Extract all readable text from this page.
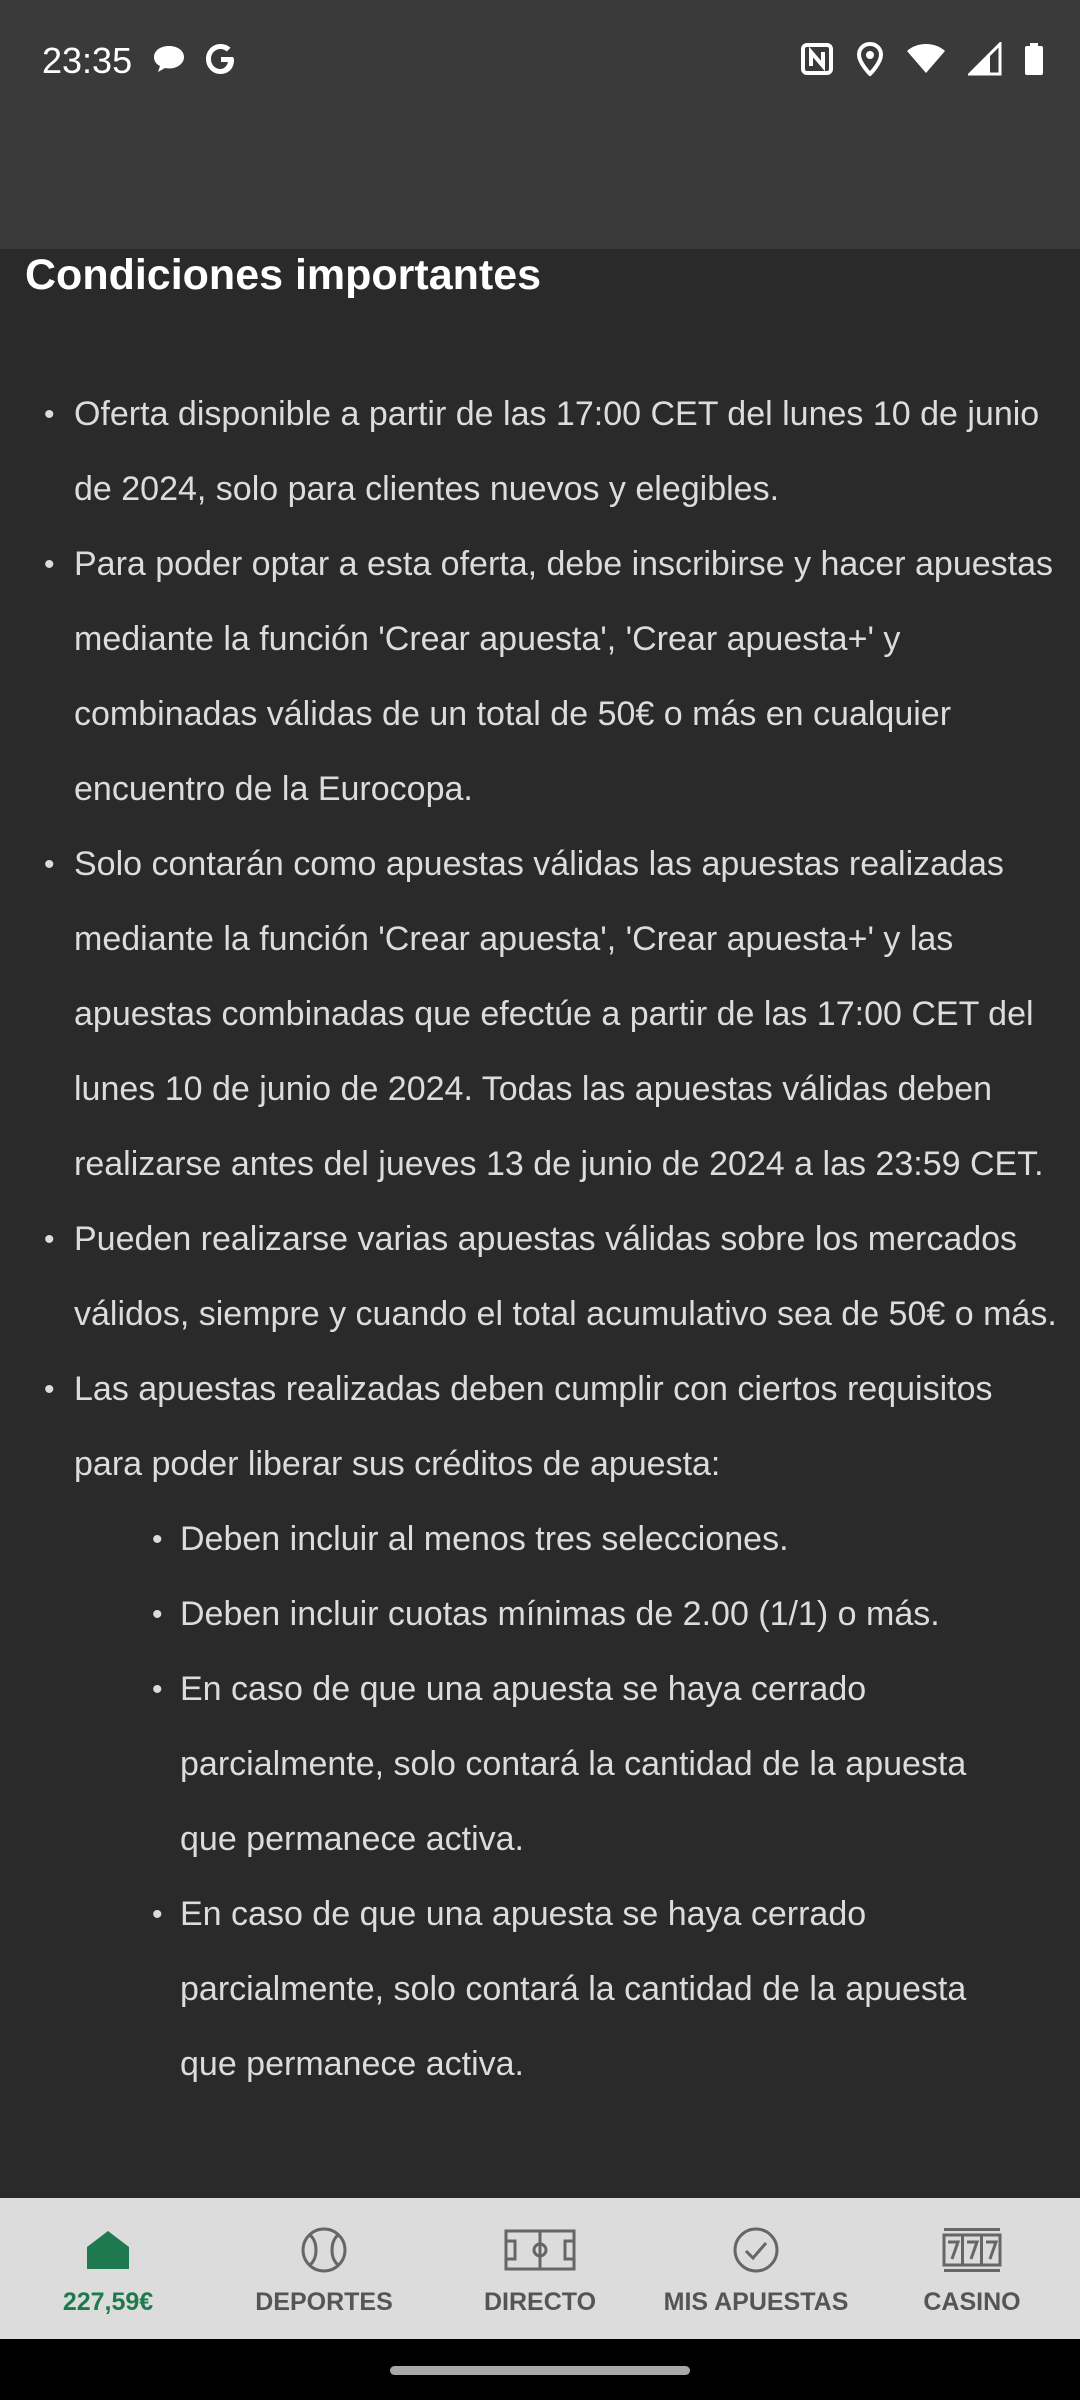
23:35
Condiciones importantes
• Oferta disponible a partir de las 17:00 CET del lunes 10 de junio de 2024, solo para clientes nuevos y elegibles.
• Para poder optar a esta oferta, debe inscribirse y hacer apuestas mediante la función 'Crear apuesta', 'Crear apuesta+' y combinadas válidas de un total de 50€ o más en cualquier encuentro de la Eurocopa.
• Solo contarán como apuestas válidas las apuestas realizadas mediante la función 'Crear apuesta', 'Crear apuesta+' y las apuestas combinadas que efectúe a partir de las 17:00 CET del lunes 10 de junio de 2024. Todas las apuestas válidas deben realizarse antes del jueves 13 de junio de 2024 a las 23:59 CET.
• Pueden realizarse varias apuestas válidas sobre los mercados válidos, siempre y cuando el total acumulativo sea de 50€ o más.
• Las apuestas realizadas deben cumplir con ciertos requisitos para poder liberar sus créditos de apuesta:
• Deben incluir al menos tres selecciones.
• Deben incluir cuotas mínimas de 2.00 (1/1) o más.
• En caso de que una apuesta se haya cerrado parcialmente, solo contará la cantidad de la apuesta que permanece activa.
• En caso de que una apuesta se haya cerrado parcialmente, solo contará la cantidad de la apuesta que permanece activa.
227,59€	DEPORTES	DIRECTO	MIS APUESTAS	CASINO
